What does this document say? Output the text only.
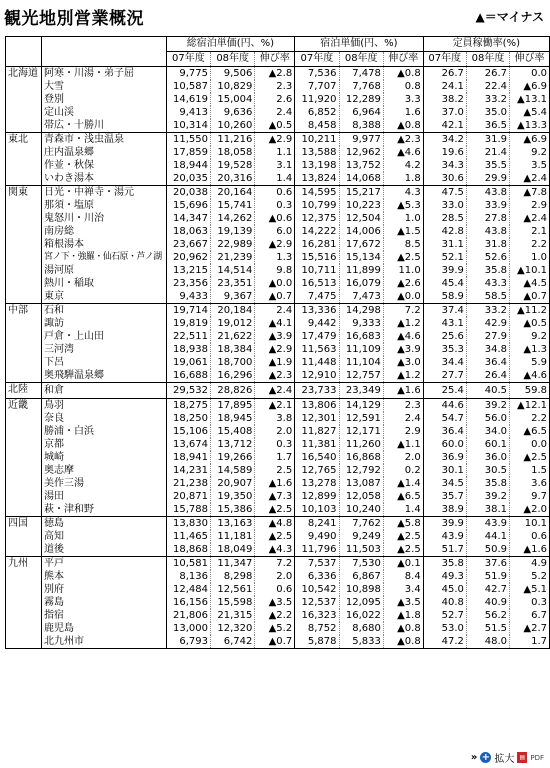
観光地別営業概況	▲＝マイナス
		総宿泊単価(円、%)			宿泊単価(円、%)			定員稼働率(%)		
		07年度	08年度	伸び率	07年度	08年度	伸び率	07年度	08年度	伸び率
北海道	阿寒・川湯・弟子屈	9,775	9,506	▲2.8	7,536	7,478	▲0.8	26.7	26.7	0.0
	大雪	10,587	10,829	2.3	7,707	7,768	0.8	24.1	22.4	▲6.9
	登別	14,619	15,004	2.6	11,920	12,289	3.3	38.2	33.2	▲13.1
	定山渓	9,413	9,636	2.4	6,852	6,964	1.6	37.0	35.0	▲5.4
	帯広・十勝川	10,314	10,260	▲0.5	8,458	8,388	▲0.8	42.1	36.5	▲13.3
東北	青森市・浅虫温泉	11,550	11,216	▲2.9	10,211	9,977	▲2.3	34.2	31.9	▲6.9
	庄内温泉郷	17,859	18,058	1.1	13,588	12,962	▲4.6	19.6	21.4	9.2
	作並・秋保	18,944	19,528	3.1	13,198	13,752	4.2	34.3	35.5	3.5
	いわき湯本	20,035	20,316	1.4	13,824	14,068	1.8	30.6	29.9	▲2.4
関東	日光・中禅寺・湯元	20,038	20,164	0.6	14,595	15,217	4.3	47.5	43.8	▲7.8
	那須・塩原	15,696	15,741	0.3	10,799	10,223	▲5.3	33.0	33.9	2.9
	鬼怒川・川治	14,347	14,262	▲0.6	12,375	12,504	1.0	28.5	27.8	▲2.4
	南房総	18,063	19,139	6.0	14,222	14,006	▲1.5	42.8	43.8	2.1
	箱根湯本	23,667	22,989	▲2.9	16,281	17,672	8.5	31.1	31.8	2.2
	宮ノ下・強羅・仙石原・芦ノ湖	20,962	21,239	1.3	15,516	15,134	▲2.5	52.1	52.6	1.0
	湯河原	13,215	14,514	9.8	10,711	11,899	11.0	39.9	35.8	▲10.1
	熱川・稲取	23,356	23,351	▲0.0	16,513	16,079	▲2.6	45.4	43.3	▲4.5
	東京	9,433	9,367	▲0.7	7,475	7,473	▲0.0	58.9	58.5	▲0.7
中部	石和	19,714	20,184	2.4	13,336	14,298	7.2	37.4	33.2	▲11.2
	諏訪	19,819	19,012	▲4.1	9,442	9,333	▲1.2	43.1	42.9	▲0.5
	戸倉・上山田	22,511	21,622	▲3.9	17,479	16,683	▲4.6	25.6	27.9	9.2
	三河湾	18,938	18,384	▲2.9	11,563	11,109	▲3.9	35.3	34.8	▲1.3
	下呂	19,061	18,700	▲1.9	11,448	11,104	▲3.0	34.4	36.4	5.9
	奥飛騨温泉郷	16,688	16,296	▲2.3	12,910	12,757	▲1.2	27.7	26.4	▲4.6
北陸	和倉	29,532	28,826	▲2.4	23,733	23,349	▲1.6	25.4	40.5	59.8
近畿	鳥羽	18,275	17,895	▲2.1	13,806	14,129	2.3	44.6	39.2	▲12.1
	奈良	18,250	18,945	3.8	12,301	12,591	2.4	54.7	56.0	2.2
	勝浦・白浜	15,106	15,408	2.0	11,827	12,171	2.9	36.4	34.0	▲6.5
	京都	13,674	13,712	0.3	11,381	11,260	▲1.1	60.0	60.1	0.0
	城崎	18,941	19,266	1.7	16,540	16,868	2.0	36.9	36.0	▲2.5
	奥志摩	14,231	14,589	2.5	12,765	12,792	0.2	30.1	30.5	1.5
	美作三湯	21,238	20,907	▲1.6	13,278	13,087	▲1.4	34.5	35.8	3.6
	湯田	20,871	19,350	▲7.3	12,899	12,058	▲6.5	35.7	39.2	9.7
	萩・津和野	15,788	15,386	▲2.5	10,103	10,240	1.4	38.9	38.1	▲2.0
四国	徳島	13,830	13,163	▲4.8	8,241	7,762	▲5.8	39.9	43.9	10.1
	高知	11,465	11,181	▲2.5	9,490	9,249	▲2.5	43.9	44.1	0.6
	道後	18,868	18,049	▲4.3	11,796	11,503	▲2.5	51.7	50.9	▲1.6
九州	平戸	10,581	11,347	7.2	7,537	7,530	▲0.1	35.8	37.6	4.9
	熊本	8,136	8,298	2.0	6,336	6,867	8.4	49.3	51.9	5.2
	別府	12,484	12,561	0.6	10,542	10,898	3.4	45.0	42.7	▲5.1
	霧島	16,156	15,598	▲3.5	12,537	12,095	▲3.5	40.8	40.9	0.3
	指宿	21,806	21,315	▲2.2	16,323	16,022	▲1.8	52.7	56.2	6.7
	鹿児島	13,000	12,320	▲5.2	8,752	8,680	▲0.8	53.0	51.5	▲2.7
	北九州市	6,793	6,742	▲0.7	5,878	5,833	▲0.8	47.2	48.0	1.7
» + 拡大 ▤ PDF
